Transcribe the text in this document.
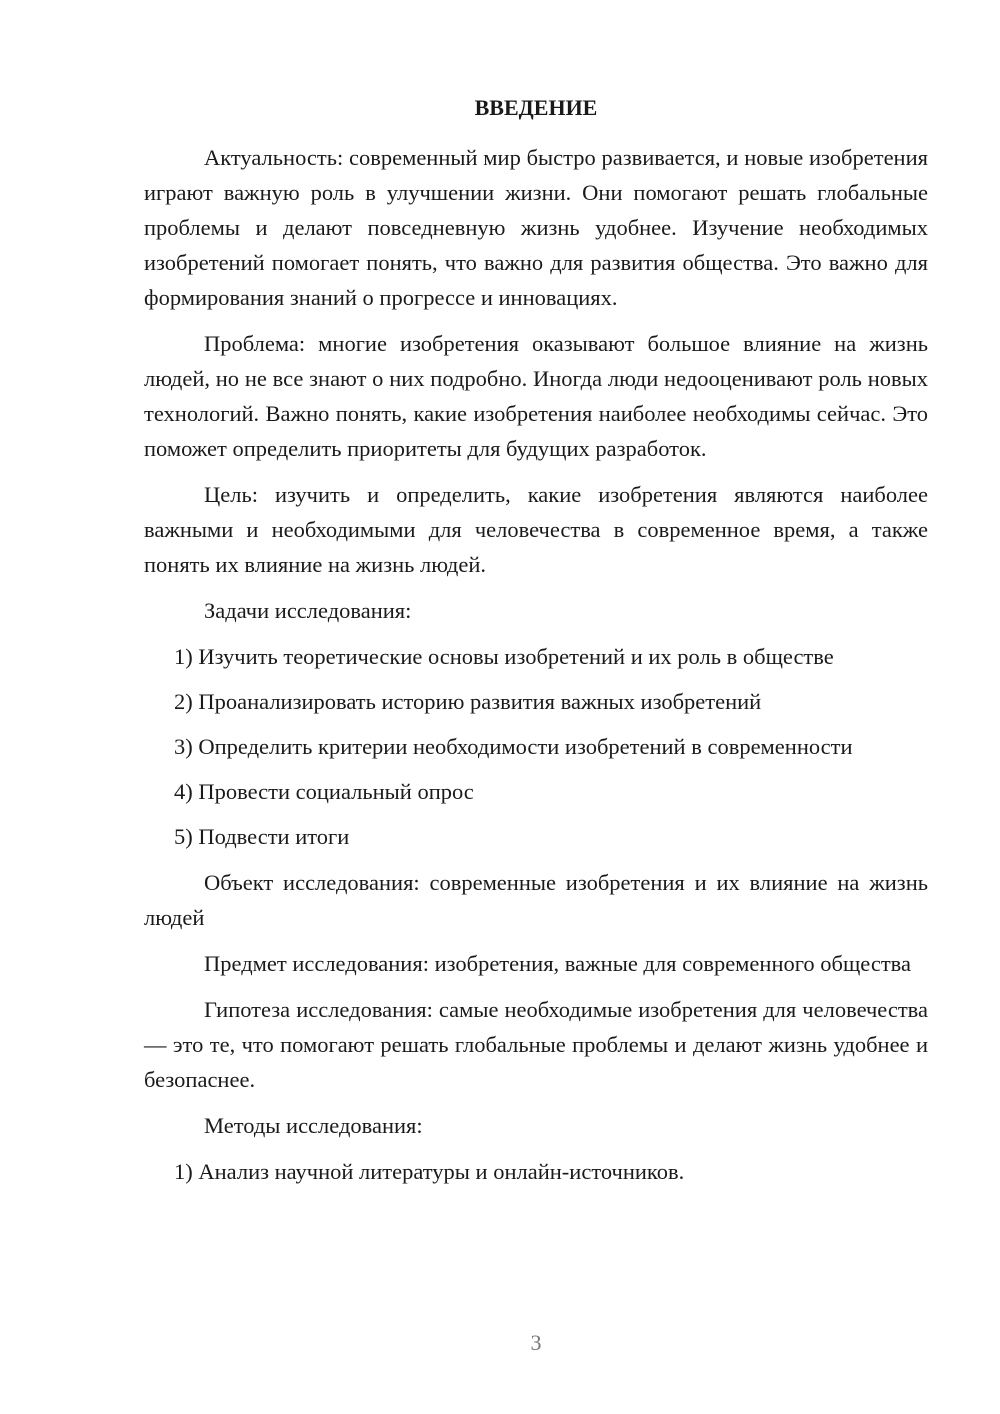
ВВЕДЕНИЕ

Актуальность: современный мир быстро развивается, и новые изобретения играют важную роль в улучшении жизни. Они помогают решать глобальные проблемы и делают повседневную жизнь удобнее. Изучение необходимых изобретений помогает понять, что важно для развития общества. Это важно для формирования знаний о прогрессе и инновациях.

Проблема: многие изобретения оказывают большое влияние на жизнь людей, но не все знают о них подробно. Иногда люди недооценивают роль новых технологий. Важно понять, какие изобретения наиболее необходимы сейчас. Это поможет определить приоритеты для будущих разработок.

Цель: изучить и определить, какие изобретения являются наиболее важными и необходимыми для человечества в современное время, а также понять их влияние на жизнь людей.

Задачи исследования:

1) Изучить теоретические основы изобретений и их роль в обществе
2) Проанализировать историю развития важных изобретений
3) Определить критерии необходимости изобретений в современности
4) Провести социальный опрос
5) Подвести итоги

Объект исследования: современные изобретения и их влияние на жизнь людей

Предмет исследования: изобретения, важные для современного общества

Гипотеза исследования: самые необходимые изобретения для человечества — это те, что помогают решать глобальные проблемы и делают жизнь удобнее и безопаснее.

Методы исследования:

1) Анализ научной литературы и онлайн-источников.
3
